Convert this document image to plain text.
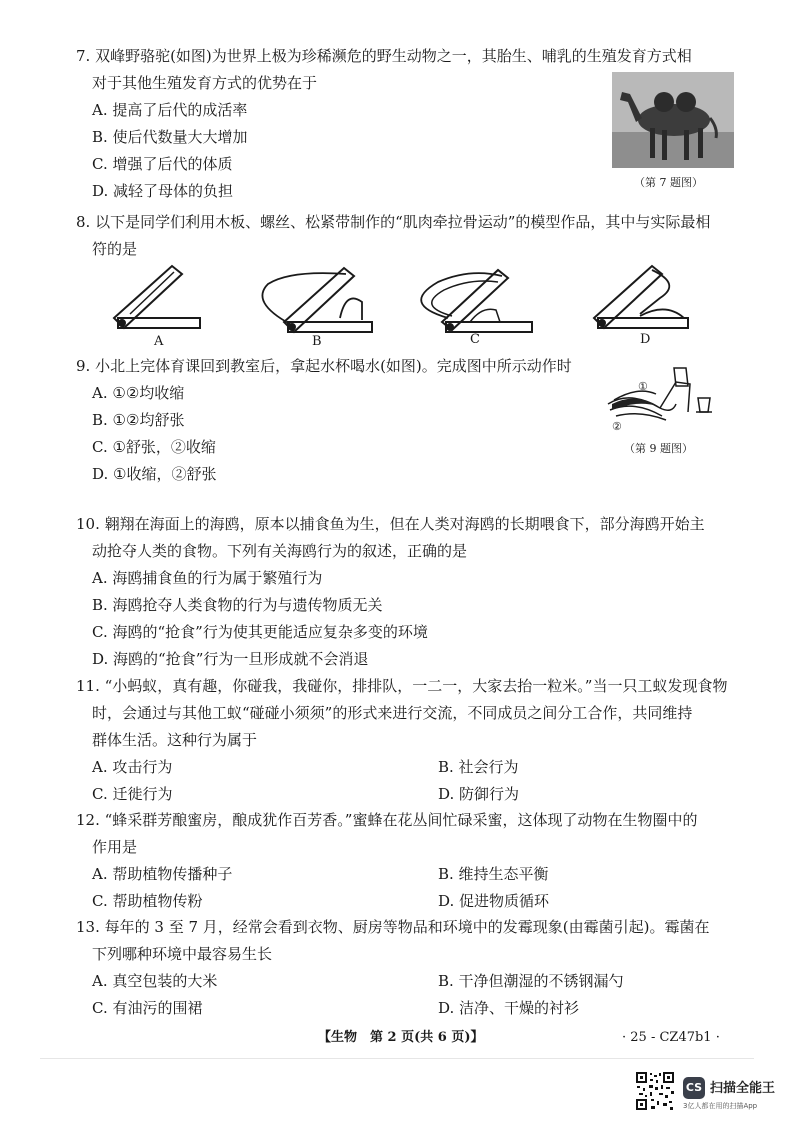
7. 双峰野骆驼(如图)为世界上极为珍稀濒危的野生动物之一，其胎生、哺乳的生殖发育方式相
对于其他生殖发育方式的优势在于
A. 提高了后代的成活率
B. 使后代数量大大增加
C. 增强了后代的体质
D. 减轻了母体的负担	（第 7 题图）
8. 以下是同学们利用木板、螺丝、松紧带制作的“肌肉牵拉骨运动”的模型作品，其中与实际最相
符的是
A	B	C	D
9. 小北上完体育课回到教室后，拿起水杯喝水(如图)。完成图中所示动作时
A. ①②均收缩
B. ①②均舒张
C. ①舒张，②收缩
D. ①收缩，②舒张
①
②
（第 9 题图）
10. 翱翔在海面上的海鸥，原本以捕食鱼为生，但在人类对海鸥的长期喂食下，部分海鸥开始主
动抢夺人类的食物。下列有关海鸥行为的叙述，正确的是
A. 海鸥捕食鱼的行为属于繁殖行为
B. 海鸥抢夺人类食物的行为与遗传物质无关
C. 海鸥的“抢食”行为使其更能适应复杂多变的环境
D. 海鸥的“抢食”行为一旦形成就不会消退
11. “小蚂蚁，真有趣，你碰我，我碰你，排排队，一二一，大家去抬一粒米。”当一只工蚁发现食物
时，会通过与其他工蚁“碰碰小须须”的形式来进行交流，不同成员之间分工合作，共同维持
群体生活。这种行为属于
A. 攻击行为	B. 社会行为
C. 迁徙行为	D. 防御行为
12. “蜂采群芳酿蜜房，酿成犹作百芳香。”蜜蜂在花丛间忙碌采蜜，这体现了动物在生物圈中的
作用是
A. 帮助植物传播种子	B. 维持生态平衡
C. 帮助植物传粉	D. 促进物质循环
13. 每年的 3 至 7 月，经常会看到衣物、厨房等物品和环境中的发霉现象(由霉菌引起)。霉菌在
下列哪种环境中最容易生长
A. 真空包装的大米	B. 干净但潮湿的不锈钢漏勺
C. 有油污的围裙	D. 洁净、干燥的衬衫
【生物　第 2 页(共 6 页)】	· 25 - CZ47b1 ·
CS 扫描全能王
3亿人都在用的扫描App
